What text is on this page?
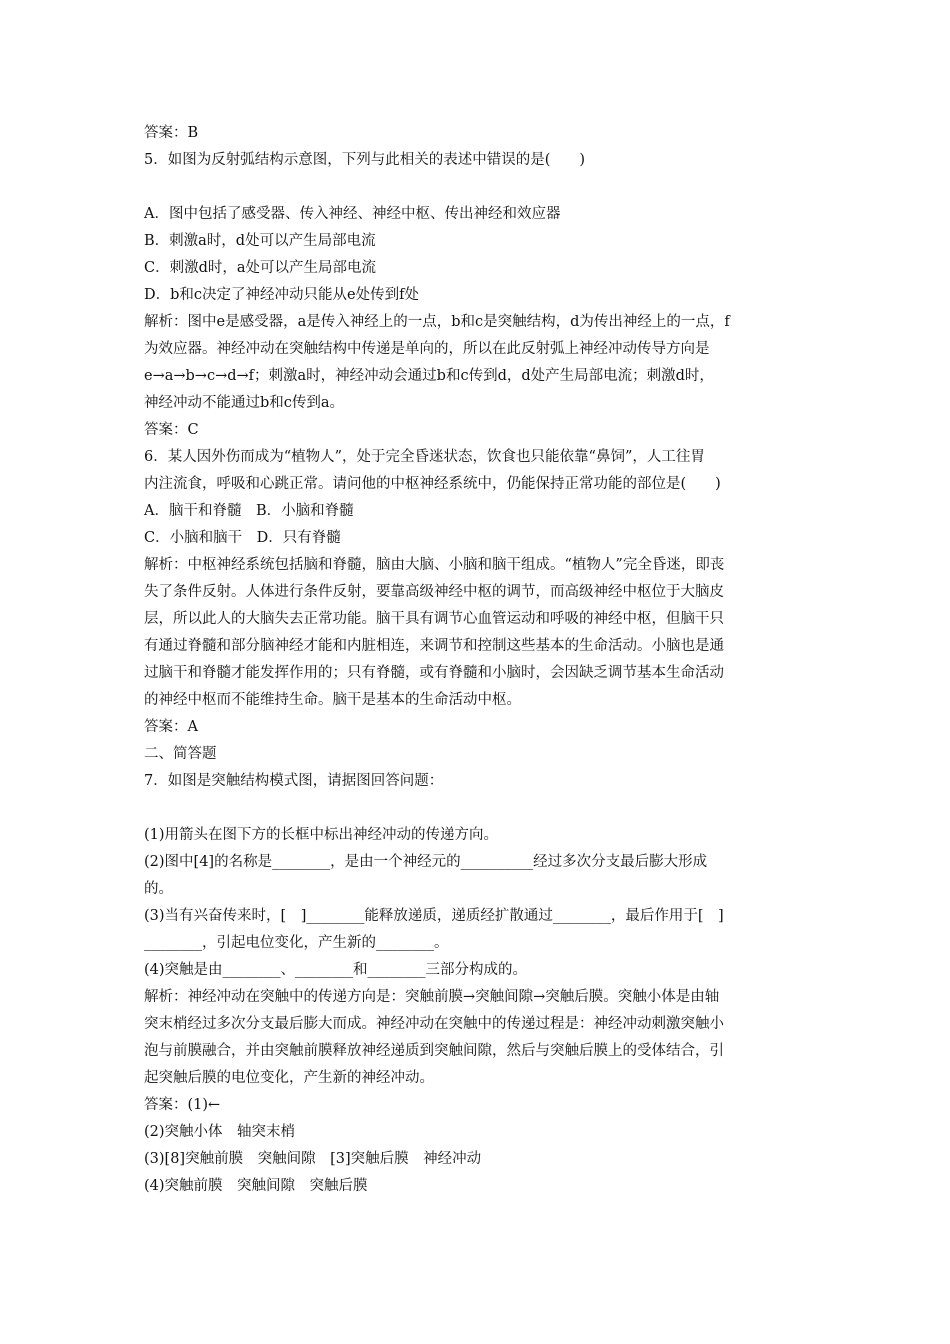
答案：B
5．如图为反射弧结构示意图，下列与此相关的表述中错误的是(　　)
A．图中包括了感受器、传入神经、神经中枢、传出神经和效应器
B．刺激a时，d处可以产生局部电流
C．刺激d时，a处可以产生局部电流
D．b和c决定了神经冲动只能从e处传到f处
解析：图中e是感受器，a是传入神经上的一点，b和c是突触结构，d为传出神经上的一点，f
为效应器。神经冲动在突触结构中传递是单向的，所以在此反射弧上神经冲动传导方向是
e→a→b→c→d→f；刺激a时，神经冲动会通过b和c传到d，d处产生局部电流；刺激d时，
神经冲动不能通过b和c传到a。
答案：C
6．某人因外伤而成为“植物人”，处于完全昏迷状态，饮食也只能依靠“鼻饲”，人工往胃
内注流食，呼吸和心跳正常。请问他的中枢神经系统中，仍能保持正常功能的部位是(　　)
A．脑干和脊髓　B．小脑和脊髓
C．小脑和脑干　D．只有脊髓
解析：中枢神经系统包括脑和脊髓，脑由大脑、小脑和脑干组成。“植物人”完全昏迷，即丧
失了条件反射。人体进行条件反射，要靠高级神经中枢的调节，而高级神经中枢位于大脑皮
层，所以此人的大脑失去正常功能。脑干具有调节心血管运动和呼吸的神经中枢，但脑干只
有通过脊髓和部分脑神经才能和内脏相连，来调节和控制这些基本的生命活动。小脑也是通
过脑干和脊髓才能发挥作用的；只有脊髓，或有脊髓和小脑时，会因缺乏调节基本生命活动
的神经中枢而不能维持生命。脑干是基本的生命活动中枢。
答案：A
二、简答题
7．如图是突触结构模式图，请据图回答问题：
(1)用箭头在图下方的长框中标出神经冲动的传递方向。
(2)图中[4]的名称是________，是由一个神经元的__________经过多次分支最后膨大形成
的。
(3)当有兴奋传来时，[　]________能释放递质，递质经扩散通过________，最后作用于[　]
________，引起电位变化，产生新的________。
(4)突触是由________、________和________三部分构成的。
解析：神经冲动在突触中的传递方向是：突触前膜→突触间隙→突触后膜。突触小体是由轴
突末梢经过多次分支最后膨大而成。神经冲动在突触中的传递过程是：神经冲动刺激突触小
泡与前膜融合，并由突触前膜释放神经递质到突触间隙，然后与突触后膜上的受体结合，引
起突触后膜的电位变化，产生新的神经冲动。
答案：(1)←
(2)突触小体　轴突末梢
(3)[8]突触前膜　突触间隙　[3]突触后膜　神经冲动
(4)突触前膜　突触间隙　突触后膜
